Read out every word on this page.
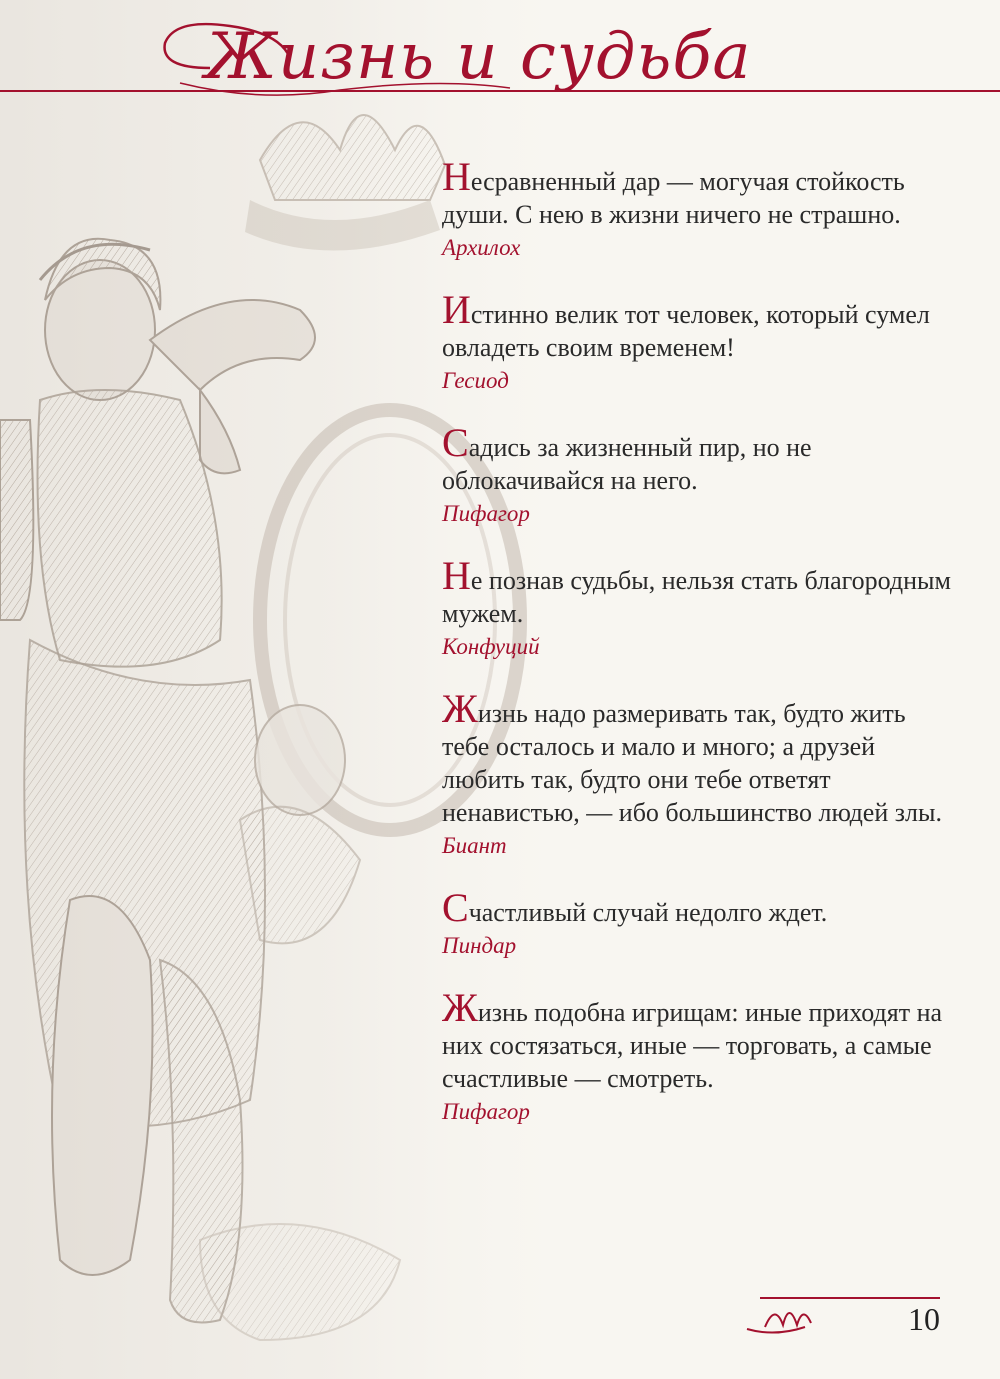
Жизнь и судьба

Несравненный дар — могучая стойкость души. С нею в жизни ничего не страшно.

Архилох

Истинно велик тот человек, который сумел овладеть своим временем!

Гесиод

Садись за жизненный пир, но не облокачивайся на него.

Пифагор

Не познав судьбы, нельзя стать благородным мужем.

Конфуций

Жизнь надо размеривать так, будто жить тебе осталось и мало и много; а друзей любить так, будто они тебе ответят ненавистью, — ибо большинство людей злы.

Биант

Счастливый случай недолго ждет.

Пиндар

Жизнь подобна игрищам: иные приходят на них состязаться, иные — торговать, а самые счастливые — смотреть.

Пифагор
10
